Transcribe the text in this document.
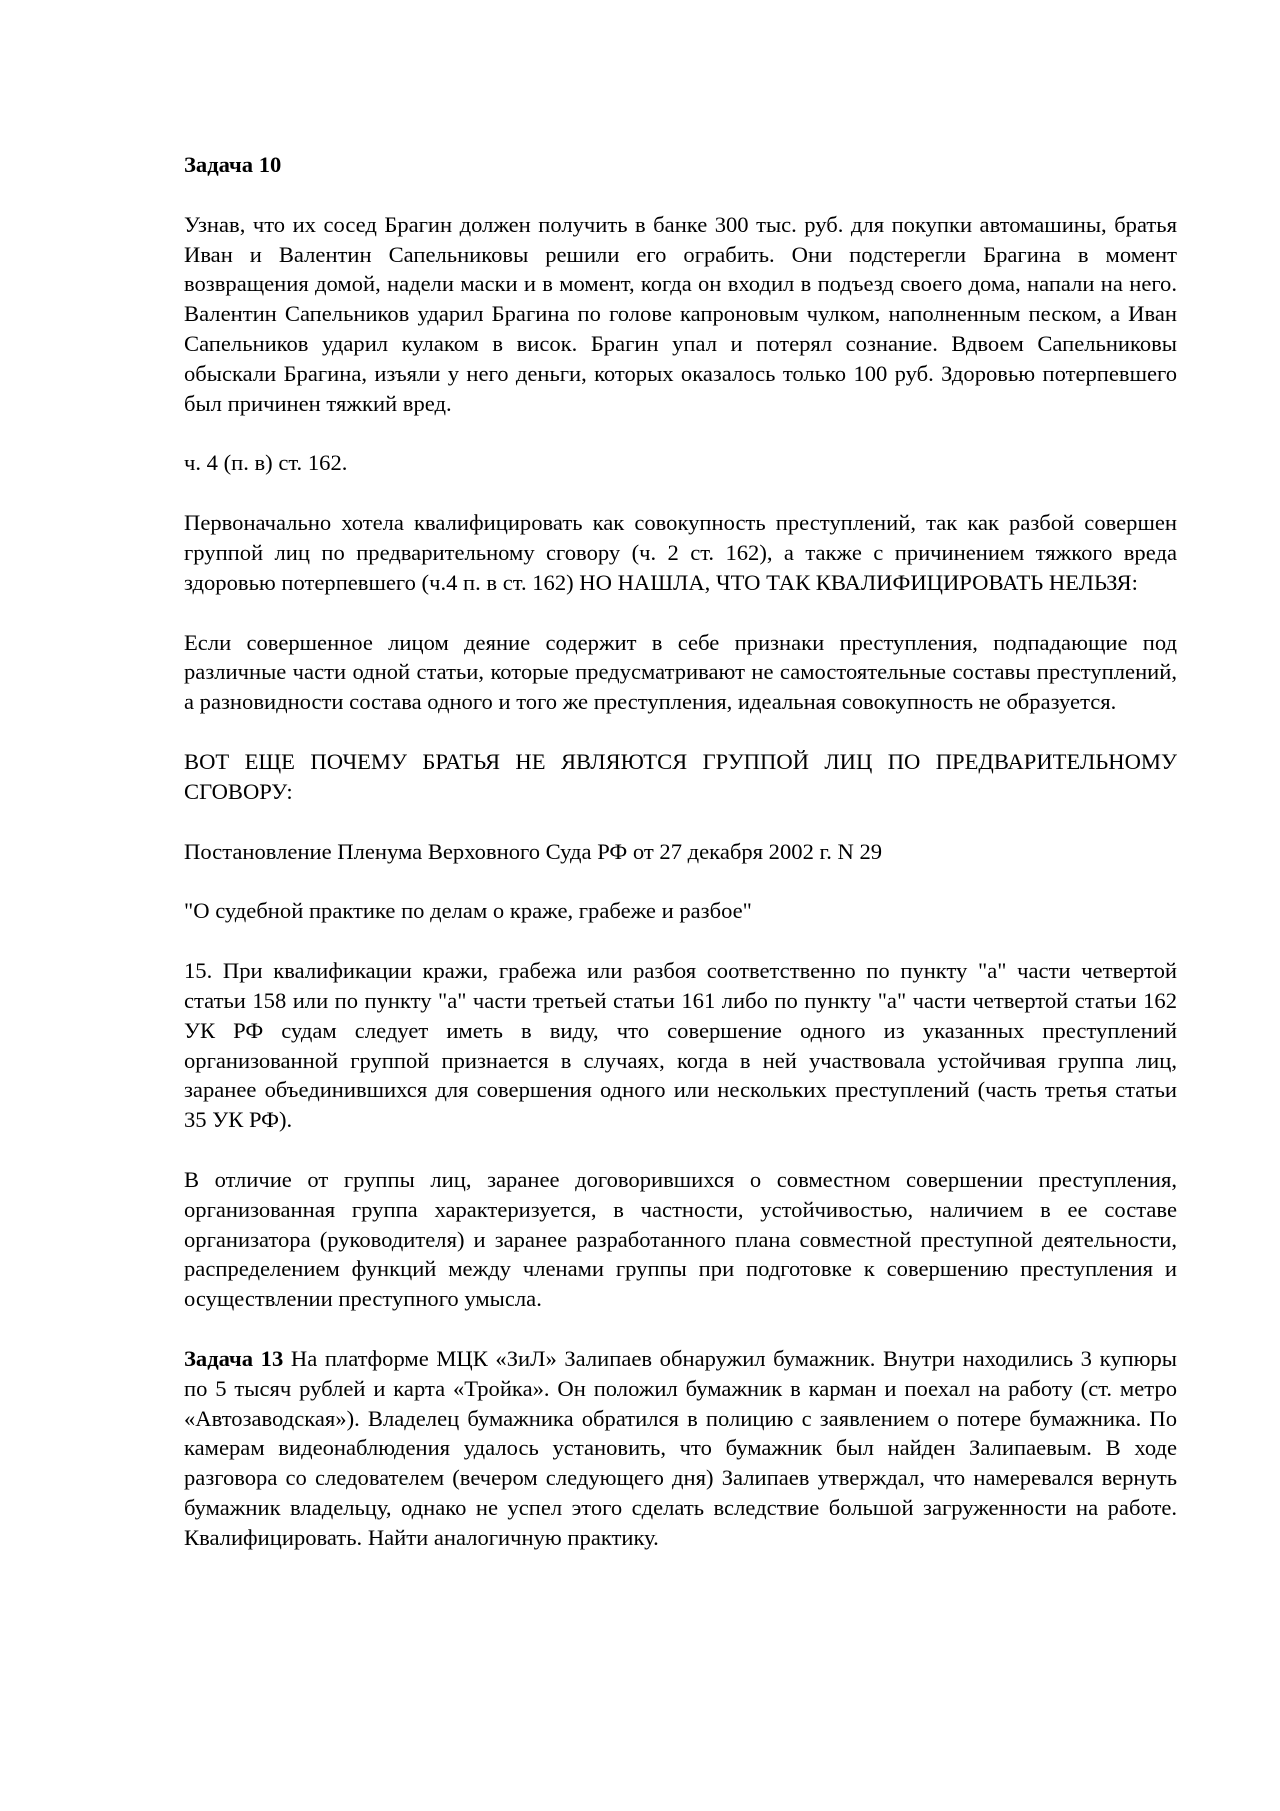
Задача 10

Узнав, что их сосед Брагин должен получить в банке 300 тыс. руб. для покупки автомашины, братья Иван и Валентин Сапельниковы решили его ограбить. Они подстерегли Брагина в момент возвращения домой, надели маски и в момент, когда он входил в подъезд своего дома, напали на него. Валентин Сапельников ударил Брагина по голове капроновым чулком, наполненным песком, а Иван Сапельников ударил кулаком в висок. Брагин упал и потерял сознание. Вдвоем Сапельниковы обыскали Брагина, изъяли у него деньги, которых оказалось только 100 руб. Здоровью потерпевшего был причинен тяжкий вред.

ч. 4 (п. в) ст. 162.

Первоначально хотела квалифицировать как совокупность преступлений, так как разбой совершен группой лиц по предварительному сговору (ч. 2 ст. 162), а также с причинением тяжкого вреда здоровью потерпевшего (ч.4 п. в ст. 162) НО НАШЛА, ЧТО ТАК КВАЛИФИЦИРОВАТЬ НЕЛЬЗЯ:

Если совершенное лицом деяние содержит в себе признаки преступления, подпадающие под различные части одной статьи, которые предусматривают не самостоятельные составы преступлений, а разновидности состава одного и того же преступления, идеальная совокупность не образуется.

ВОТ ЕЩЕ ПОЧЕМУ БРАТЬЯ НЕ ЯВЛЯЮТСЯ ГРУППОЙ ЛИЦ ПО ПРЕДВАРИТЕЛЬНОМУ СГОВОРУ:

Постановление Пленума Верховного Суда РФ от 27 декабря 2002 г. N 29

"О судебной практике по делам о краже, грабеже и разбое"

15. При квалификации кражи, грабежа или разбоя соответственно по пункту "а" части четвертой статьи 158 или по пункту "а" части третьей статьи 161 либо по пункту "а" части четвертой статьи 162 УК РФ судам следует иметь в виду, что совершение одного из указанных преступлений организованной группой признается в случаях, когда в ней участвовала устойчивая группа лиц, заранее объединившихся для совершения одного или нескольких преступлений (часть третья статьи 35 УК РФ).

В отличие от группы лиц, заранее договорившихся о совместном совершении преступления, организованная группа характеризуется, в частности, устойчивостью, наличием в ее составе организатора (руководителя) и заранее разработанного плана совместной преступной деятельности, распределением функций между членами группы при подготовке к совершению преступления и осуществлении преступного умысла.

Задача 13 На платформе МЦК «ЗиЛ» Залипаев обнаружил бумажник. Внутри находились 3 купюры по 5 тысяч рублей и карта «Тройка». Он положил бумажник в карман и поехал на работу (ст. метро «Автозаводская»). Владелец бумажника обратился в полицию с заявлением о потере бумажника. По камерам видеонаблюдения удалось установить, что бумажник был найден Залипаевым. В ходе разговора со следователем (вечером следующего дня) Залипаев утверждал, что намеревался вернуть бумажник владельцу, однако не успел этого сделать вследствие большой загруженности на работе. Квалифицировать. Найти аналогичную практику.
